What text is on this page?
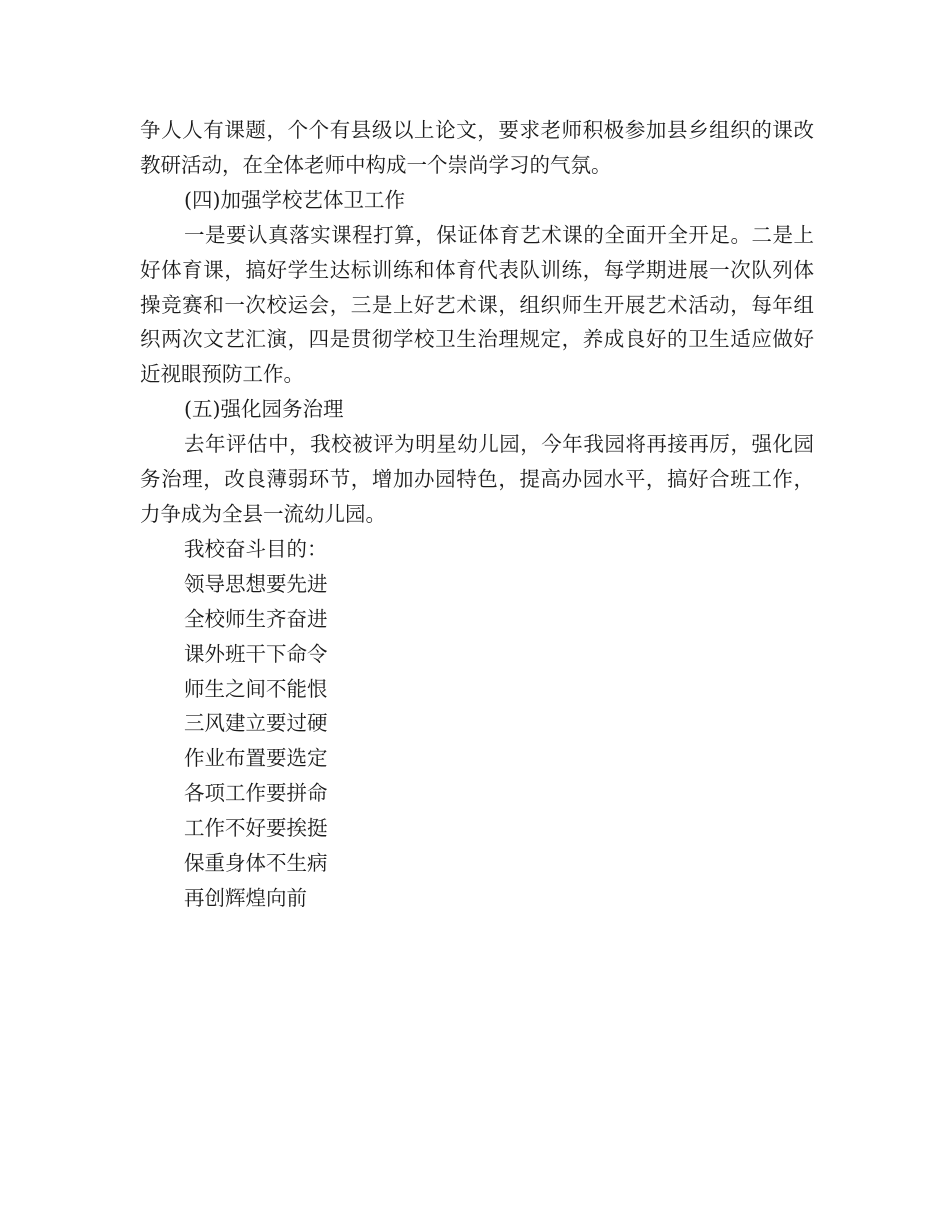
争人人有课题，个个有县级以上论文，要求老师积极参加县乡组织的课改教研活动，在全体老师中构成一个崇尚学习的气氛。

(四)加强学校艺体卫工作

一是要认真落实课程打算，保证体育艺术课的全面开全开足。二是上好体育课，搞好学生达标训练和体育代表队训练，每学期进展一次队列体操竞赛和一次校运会，三是上好艺术课，组织师生开展艺术活动，每年组织两次文艺汇演，四是贯彻学校卫生治理规定，养成良好的卫生适应做好近视眼预防工作。

(五)强化园务治理

去年评估中，我校被评为明星幼儿园，今年我园将再接再厉，强化园务治理，改良薄弱环节，增加办园特色，提高办园水平，搞好合班工作，力争成为全县一流幼儿园。

我校奋斗目的：

领导思想要先进

全校师生齐奋进

课外班干下命令

师生之间不能恨

三风建立要过硬

作业布置要选定

各项工作要拼命

工作不好要挨挺

保重身体不生病

再创辉煌向前
